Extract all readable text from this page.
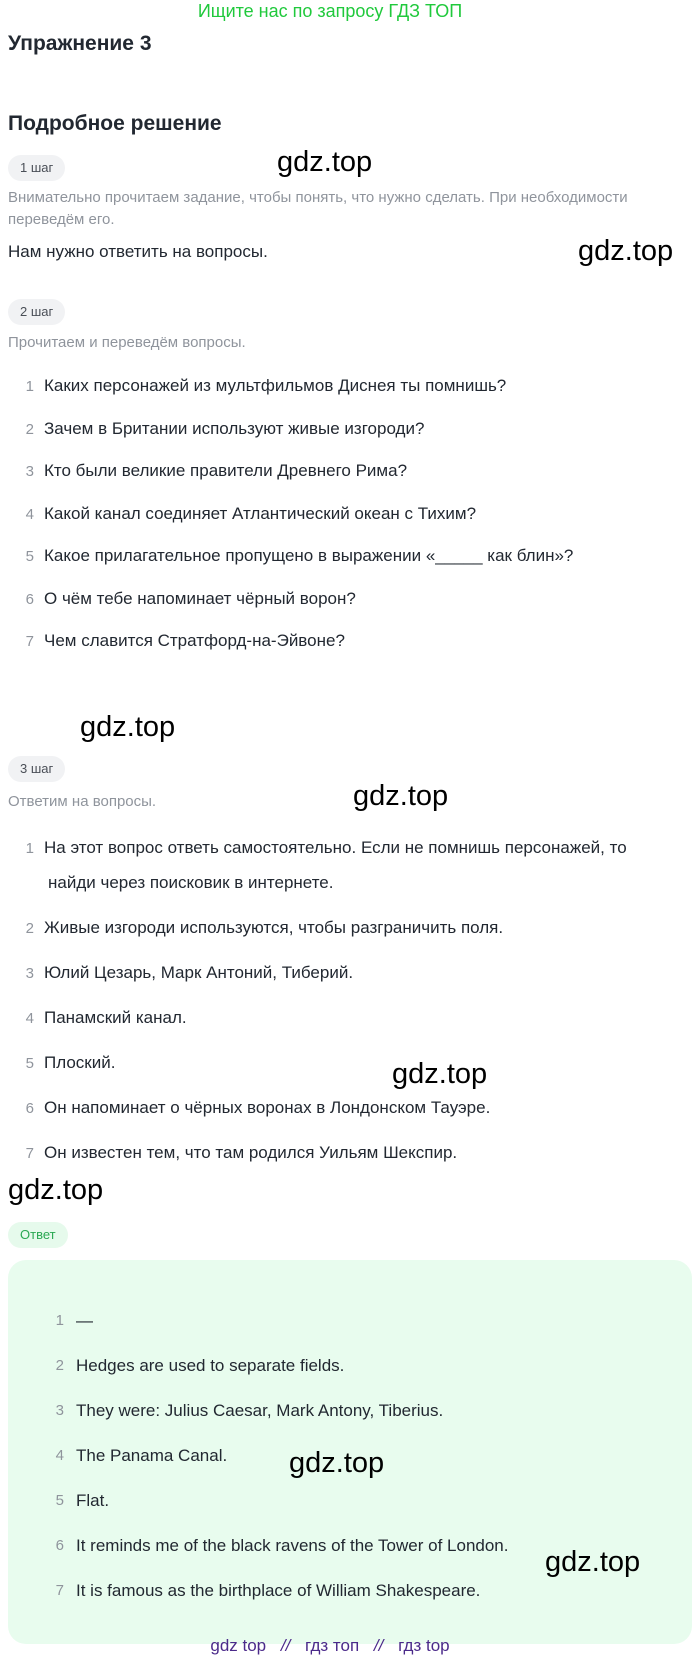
Ищите нас по запросу ГДЗ ТОП
Упражнение 3
Подробное решение
1 шаг
Внимательно прочитаем задание, чтобы понять, что нужно сделать. При необходимости переведём его.
Нам нужно ответить на вопросы.
2 шаг
Прочитаем и переведём вопросы.
1 Каких персонажей из мультфильмов Диснея ты помнишь?
2 Зачем в Британии используют живые изгороди?
3 Кто были великие правители Древнего Рима?
4 Какой канал соединяет Атлантический океан с Тихим?
5 Какое прилагательное пропущено в выражении «_____ как блин»?
6 О чём тебе напоминает чёрный ворон?
7 Чем славится Стратфорд-на-Эйвоне?
3 шаг
Ответим на вопросы.
1 На этот вопрос ответь самостоятельно. Если не помнишь персонажей, то
найди через поисковик в интернете.
2 Живые изгороди используются, чтобы разграничить поля.
3 Юлий Цезарь, Марк Антоний, Тиберий.
4 Панамский канал.
5 Плоский.
6 Он напоминает о чёрных воронах в Лондонском Тауэре.
7 Он известен тем, что там родился Уильям Шекспир.
Ответ
1 —
2 Hedges are used to separate fields.
3 They were: Julius Caesar, Mark Antony, Tiberius.
4 The Panama Canal.
5 Flat.
6 It reminds me of the black ravens of the Tower of London.
7 It is famous as the birthplace of William Shakespeare.
gdz.top
gdz.top
gdz.top
gdz.top
gdz.top
gdz.top
gdz.top
gdz.top
gdz top // гдз топ // гдз top
